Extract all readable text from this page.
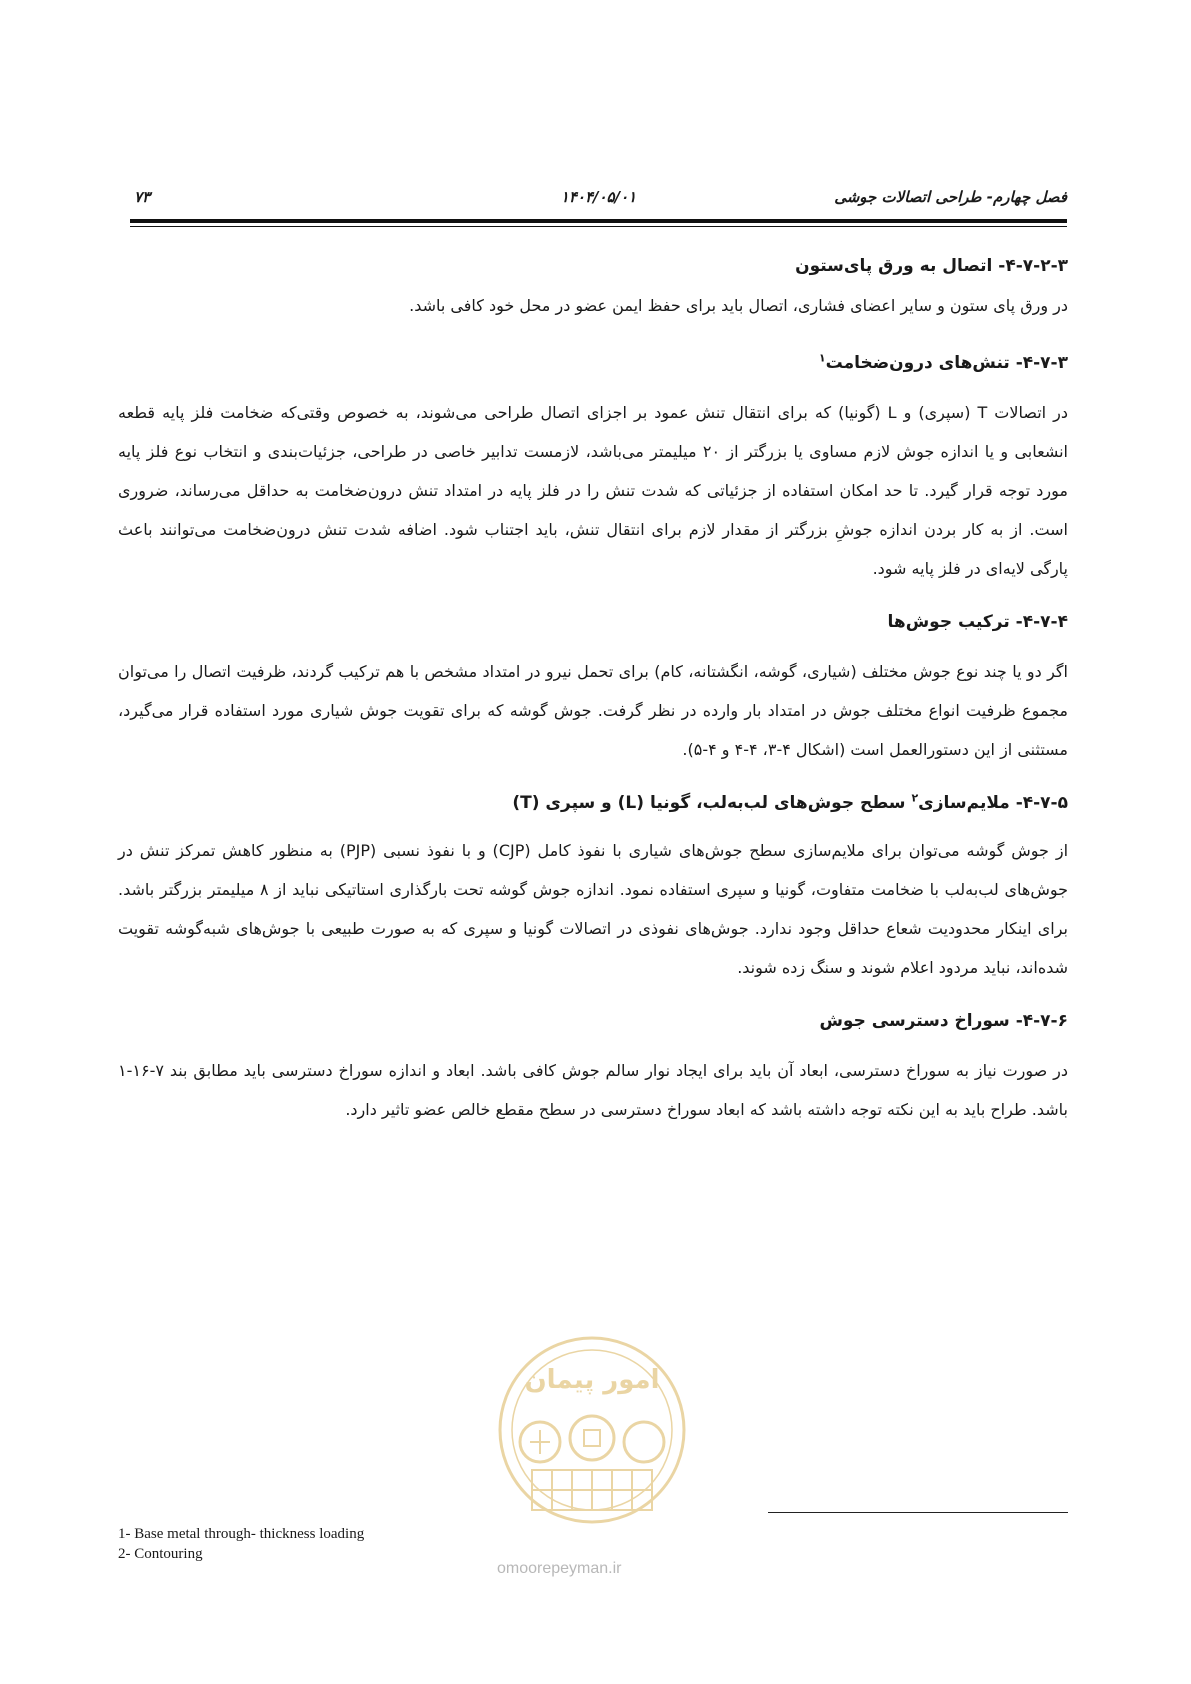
فصل چهارم- طراحی اتصالات جوشی
۱۴۰۴/۰۵/۰۱
۷۳
۴-۷-۲-۳- اتصال به ورق پای‌ستون

در ورق پای ستون و سایر اعضای فشاری، اتصال باید برای حفظ ایمن عضو در محل خود کافی باشد.

۴-۷-۳- تنش‌های درون‌ضخامت$^۱$

در اتصالات T (سپری) و L (گونیا) که برای انتقال تنش عمود بر اجزای اتصال طراحی می‌شوند، به خصوص وقتی‌که ضخامت فلز پایه قطعه انشعابی و یا اندازه جوش لازم مساوی یا بزرگتر از ۲۰ میلیمتر می‌باشد، لازمست تدابیر خاصی در طراحی، جزئیات‌بندی و انتخاب نوع فلز پایه مورد توجه قرار گیرد. تا حد امکان استفاده از جزئیاتی که شدت تنش را در فلز پایه در امتداد تنش درون‌ضخامت به حداقل می‌رساند، ضروری است. از به کار بردن اندازه جوشِ بزرگتر از مقدار لازم برای انتقال تنش، باید اجتناب شود. اضافه شدت تنش درون‌ضخامت می‌توانند باعث پارگی لایه‌ای در فلز پایه شود.

۴-۷-۴- ترکیب جوش‌ها

اگر دو یا چند نوع جوش مختلف (شیاری، گوشه، انگشتانه، کام) برای تحمل نیرو در امتداد مشخص با هم ترکیب گردند، ظرفیت اتصال را می‌توان مجموع ظرفیت انواع مختلف جوش در امتداد بار وارده در نظر گرفت. جوش گوشه که برای تقویت جوش شیاری مورد استفاده قرار می‌گیرد، مستثنی از این دستورالعمل است (اشکال ۴-۳، ۴-۴ و ۴-۵).

۴-۷-۵- ملایم‌سازی$^۲$ سطح جوش‌های لب‌به‌لب، گونیا (L) و سپری (T)

از جوش گوشه می‌توان برای ملایم‌سازی سطح جوش‌های شیاری با نفوذ کامل (CJP) و با نفوذ نسبی (PJP) به منظور کاهش تمرکز تنش در جوش‌های لب‌به‌لب با ضخامت متفاوت، گونیا و سپری استفاده نمود. اندازه جوش گوشه تحت بارگذاری استاتیکی نباید از ۸ میلیمتر بزرگتر باشد. برای اینکار محدودیت شعاع حداقل وجود ندارد. جوش‌های نفوذی در اتصالات گونیا و سپری که به صورت طبیعی با جوش‌های شبه‌گوشه تقویت شده‌اند، نباید مردود اعلام شوند و سنگ زده شوند.

۴-۷-۶- سوراخ دسترسی جوش

در صورت نیاز به سوراخ دسترسی، ابعاد آن باید برای ایجاد نوار سالم جوش کافی باشد. ابعاد و اندازه سوراخ دسترسی باید مطابق بند ۷-۱۶-۱ باشد. طراح باید به این نکته توجه داشته باشد که ابعاد سوراخ دسترسی در سطح مقطع خالص عضو تاثیر دارد.

امور پیمان
omoorepeyman.ir
1- Base metal through- thickness loading
2- Contouring
